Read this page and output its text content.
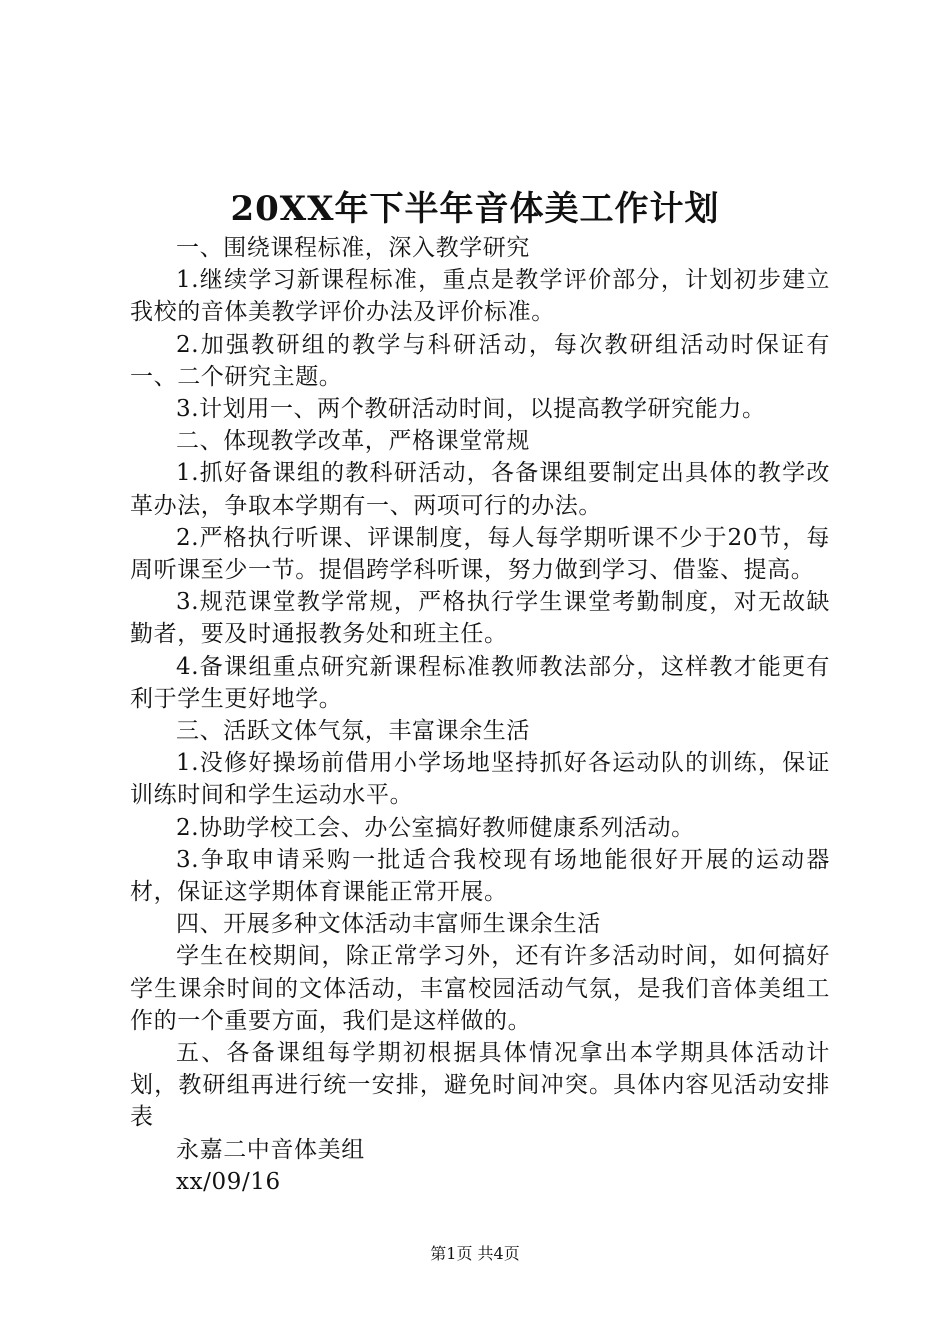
20XX年下半年音体美工作计划

一、围绕课程标准，深入教学研究

1.继续学习新课程标准，重点是教学评价部分，计划初步建立我校的音体美教学评价办法及评价标准。

2.加强教研组的教学与科研活动，每次教研组活动时保证有一、二个研究主题。

3.计划用一、两个教研活动时间，以提高教学研究能力。

二、体现教学改革，严格课堂常规

1.抓好备课组的教科研活动，各备课组要制定出具体的教学改革办法，争取本学期有一、两项可行的办法。

2.严格执行听课、评课制度，每人每学期听课不少于20节，每周听课至少一节。提倡跨学科听课，努力做到学习、借鉴、提高。

3.规范课堂教学常规，严格执行学生课堂考勤制度，对无故缺勤者，要及时通报教务处和班主任。

4.备课组重点研究新课程标准教师教法部分，这样教才能更有利于学生更好地学。

三、活跃文体气氛，丰富课余生活

1.没修好操场前借用小学场地坚持抓好各运动队的训练，保证训练时间和学生运动水平。

2.协助学校工会、办公室搞好教师健康系列活动。

3.争取申请采购一批适合我校现有场地能很好开展的运动器材，保证这学期体育课能正常开展。

四、开展多种文体活动丰富师生课余生活

学生在校期间，除正常学习外，还有许多活动时间，如何搞好学生课余时间的文体活动，丰富校园活动气氛，是我们音体美组工作的一个重要方面，我们是这样做的。

五、各备课组每学期初根据具体情况拿出本学期具体活动计划，教研组再进行统一安排，避免时间冲突。具体内容见活动安排表

永嘉二中音体美组

xx/09/16

第1页 共4页
